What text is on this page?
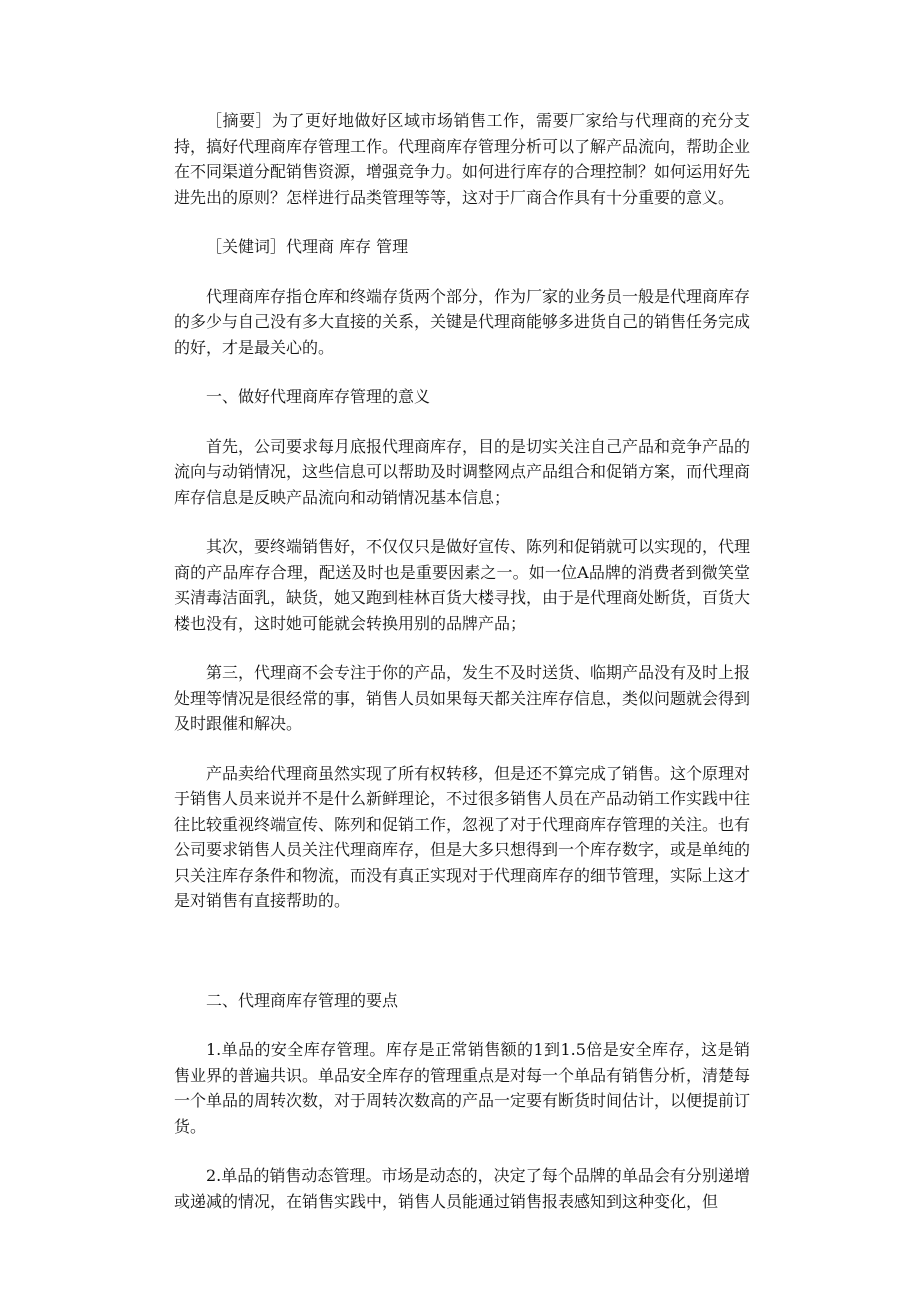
［摘要］为了更好地做好区域市场销售工作，需要厂家给与代理商的充分支持，搞好代理商库存管理工作。代理商库存管理分析可以了解产品流向，帮助企业在不同渠道分配销售资源，增强竞争力。如何进行库存的合理控制？如何运用好先进先出的原则？怎样进行品类管理等等，这对于厂商合作具有十分重要的意义。

［关健词］代理商 库存 管理

代理商库存指仓库和终端存货两个部分，作为厂家的业务员一般是代理商库存的多少与自己没有多大直接的关系，关键是代理商能够多进货自己的销售任务完成的好，才是最关心的。

一、做好代理商库存管理的意义

首先，公司要求每月底报代理商库存，目的是切实关注自己产品和竞争产品的流向与动销情况，这些信息可以帮助及时调整网点产品组合和促销方案，而代理商库存信息是反映产品流向和动销情况基本信息；

其次，要终端销售好，不仅仅只是做好宣传、陈列和促销就可以实现的，代理商的产品库存合理，配送及时也是重要因素之一。如一位A品牌的消费者到微笑堂买清毒洁面乳，缺货，她又跑到桂林百货大楼寻找，由于是代理商处断货，百货大楼也没有，这时她可能就会转换用别的品牌产品；

第三，代理商不会专注于你的产品，发生不及时送货、临期产品没有及时上报处理等情况是很经常的事，销售人员如果每天都关注库存信息，类似问题就会得到及时跟催和解决。

产品卖给代理商虽然实现了所有权转移，但是还不算完成了销售。这个原理对于销售人员来说并不是什么新鲜理论，不过很多销售人员在产品动销工作实践中往往比较重视终端宣传、陈列和促销工作，忽视了对于代理商库存管理的关注。也有公司要求销售人员关注代理商库存，但是大多只想得到一个库存数字，或是单纯的只关注库存条件和物流，而没有真正实现对于代理商库存的细节管理，实际上这才是对销售有直接帮助的。

二、代理商库存管理的要点

1.单品的安全库存管理。库存是正常销售额的1到1.5倍是安全库存，这是销售业界的普遍共识。单品安全库存的管理重点是对每一个单品有销售分析，清楚每一个单品的周转次数，对于周转次数高的产品一定要有断货时间估计，以便提前订货。

2.单品的销售动态管理。市场是动态的，决定了每个品牌的单品会有分别递增或递减的情况，在销售实践中，销售人员能通过销售报表感知到这种变化，但
